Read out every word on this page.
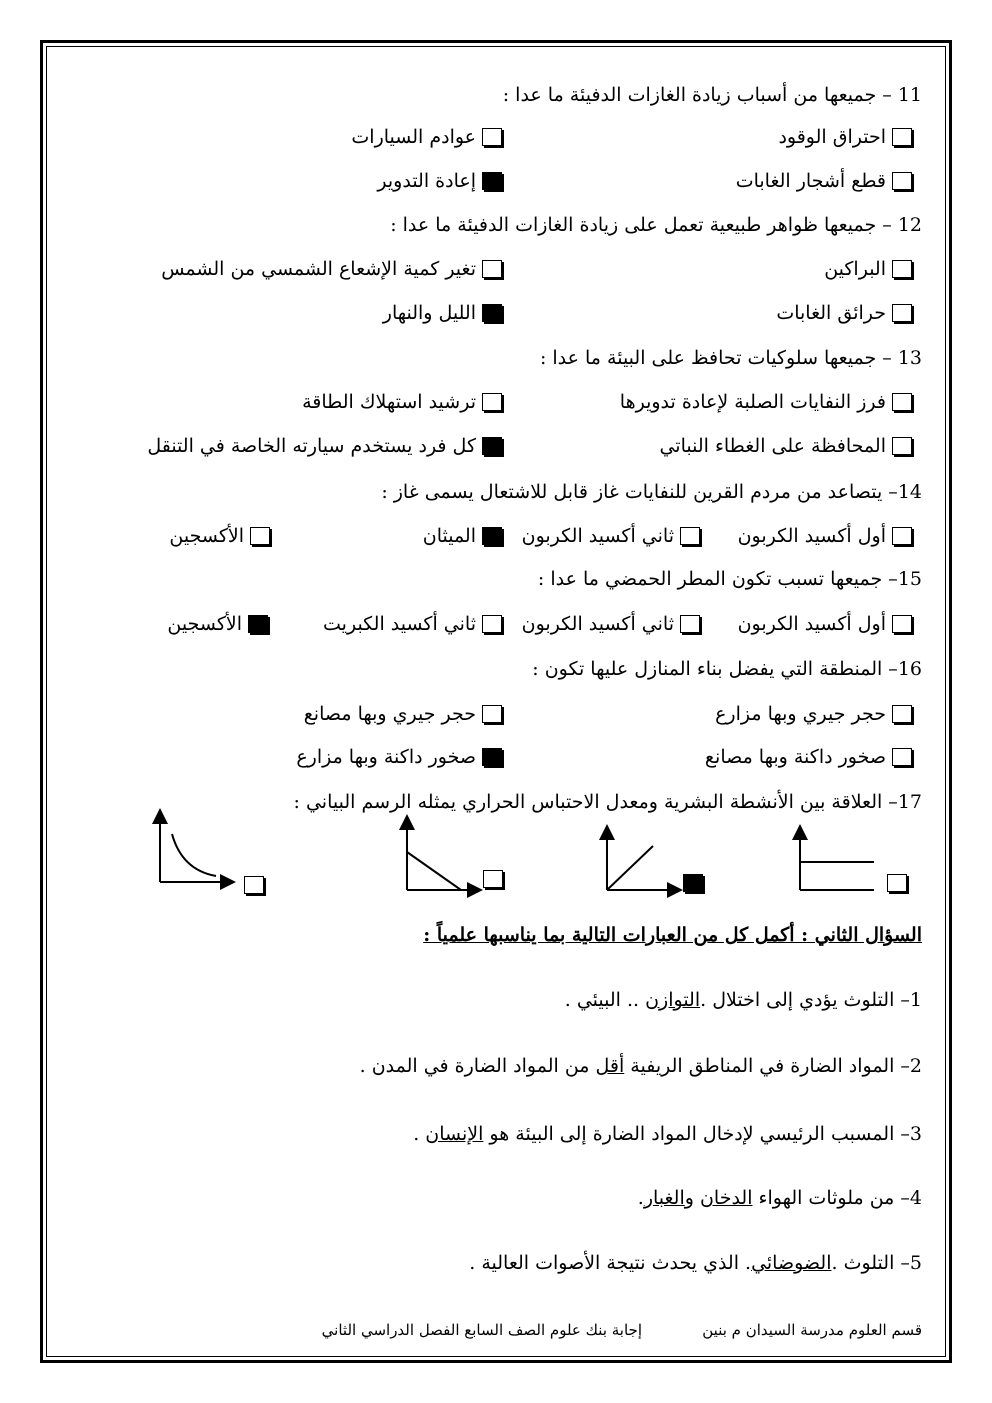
11 – جميعها من أسباب زيادة الغازات الدفيئة ما عدا :
احتراق الوقود
عوادم السيارات
قطع أشجار الغابات
إعادة التدوير
12 – جميعها ظواهر طبيعية تعمل على زيادة الغازات الدفيئة ما عدا :
البراكين
تغير كمية الإشعاع الشمسي من الشمس
حرائق الغابات
الليل والنهار
13 – جميعها سلوكيات تحافظ على البيئة ما عدا :
فرز النفايات الصلبة لإعادة تدويرها
ترشيد استهلاك الطاقة
المحافظة على الغطاء النباتي
كل فرد يستخدم سيارته الخاصة في التنقل
14– يتصاعد من مردم القرين للنفايات غاز قابل للاشتعال يسمى غاز :
أول أكسيد الكربون
ثاني أكسيد الكربون
الميثان
الأكسجين
15– جميعها تسبب تكون المطر الحمضي ما عدا :
أول أكسيد الكربون
ثاني أكسيد الكربون
ثاني أكسيد الكبريت
الأكسجين
16– المنطقة التي يفضل بناء المنازل عليها تكون :
حجر جيري وبها مزارع
حجر جيري وبها مصانع
صخور داكنة وبها مصانع
صخور داكنة وبها مزارع
17– العلاقة بين الأنشطة البشرية ومعدل الاحتباس الحراري يمثله الرسم البياني :
السؤال الثاني : أكمل كل من العبارات التالية بما يناسبها علمياً :
1– التلوث يؤدي إلى اختلال .التوازن .. البيئي .
2– المواد الضارة في المناطق الريفية أقل من المواد الضارة في المدن .
3– المسبب الرئيسي لإدخال المواد الضارة إلى البيئة هو الإنسان .
4– من ملوثات الهواء الدخان والغبار.
5– التلوث .الضوضائي. الذي يحدث نتيجة الأصوات العالية .
قسم العلوم مدرسة السيدان م بنين
إجابة بنك علوم الصف السابع الفصل الدراسي الثاني
